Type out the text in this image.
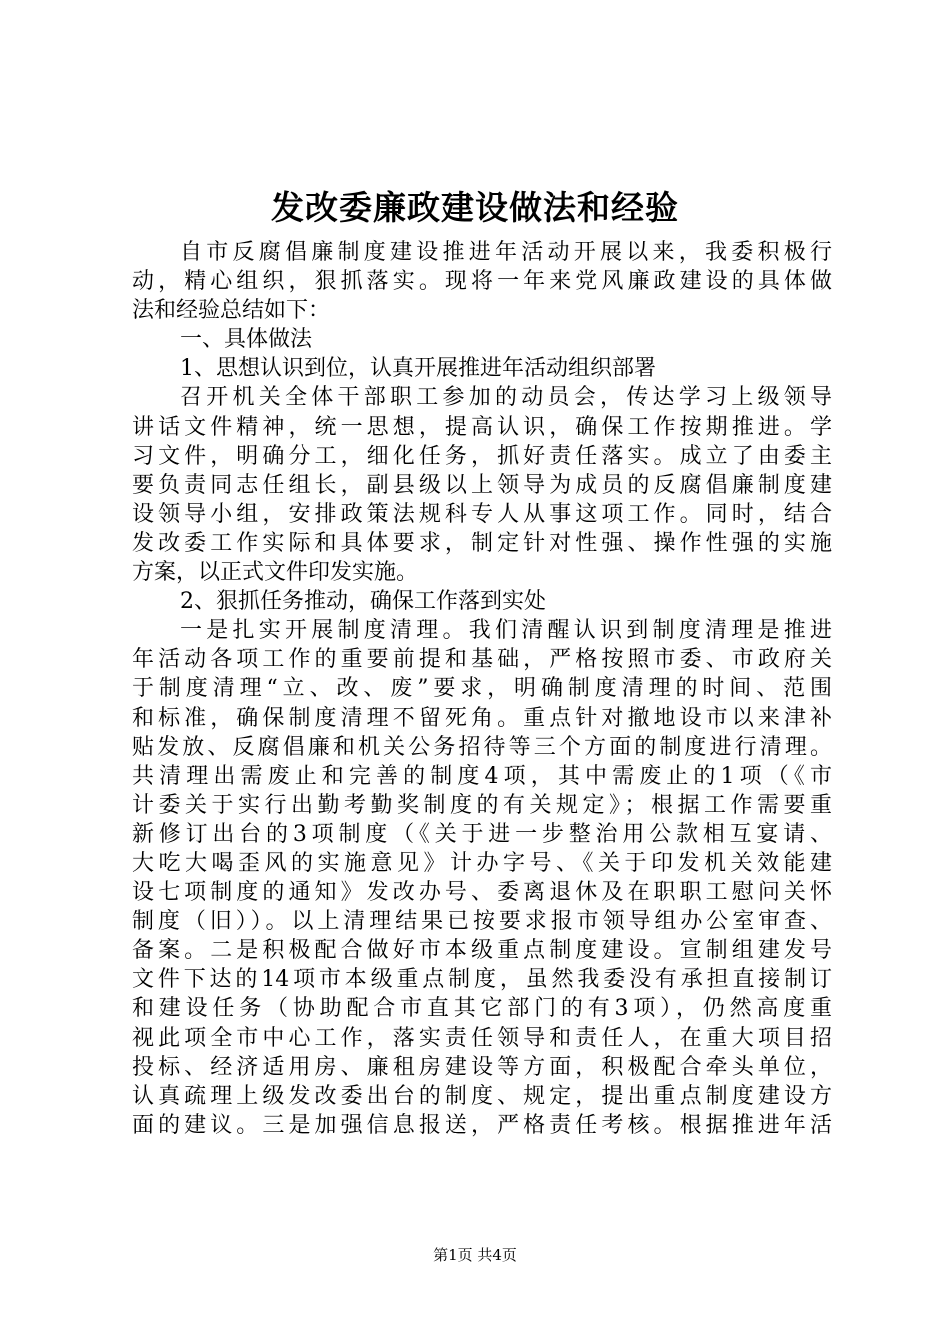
发改委廉政建设做法和经验
自市反腐倡廉制度建设推进年活动开展以来，我委积极行
动，精心组织，狠抓落实。现将一年来党风廉政建设的具体做
法和经验总结如下：
一、具体做法
1、思想认识到位，认真开展推进年活动组织部署
召开机关全体干部职工参加的动员会，传达学习上级领导
讲话文件精神，统一思想，提高认识，确保工作按期推进。学
习文件，明确分工，细化任务，抓好责任落实。成立了由委主
要负责同志任组长，副县级以上领导为成员的反腐倡廉制度建
设领导小组，安排政策法规科专人从事这项工作。同时，结合
发改委工作实际和具体要求，制定针对性强、操作性强的实施
方案，以正式文件印发实施。
2、狠抓任务推动，确保工作落到实处
一是扎实开展制度清理。我们清醒认识到制度清理是推进
年活动各项工作的重要前提和基础，严格按照市委、市政府关
于制度清理“立、改、废”要求，明确制度清理的时间、范围
和标准，确保制度清理不留死角。重点针对撤地设市以来津补
贴发放、反腐倡廉和机关公务招待等三个方面的制度进行清理。
共清理出需废止和完善的制度4项，其中需废止的1项（《市
计委关于实行出勤考勤奖制度的有关规定》；根据工作需要重
新修订出台的3项制度（《关于进一步整治用公款相互宴请、
大吃大喝歪风的实施意见》计办字号、《关于印发机关效能建
设七项制度的通知》发改办号、委离退休及在职职工慰问关怀
制度（旧））。以上清理结果已按要求报市领导组办公室审查、
备案。二是积极配合做好市本级重点制度建设。宣制组建发号
文件下达的14项市本级重点制度，虽然我委没有承担直接制订
和建设任务（协助配合市直其它部门的有3项），仍然高度重
视此项全市中心工作，落实责任领导和责任人，在重大项目招
投标、经济适用房、廉租房建设等方面，积极配合牵头单位，
认真疏理上级发改委出台的制度、规定，提出重点制度建设方
面的建议。三是加强信息报送，严格责任考核。根据推进年活
第1页 共4页
